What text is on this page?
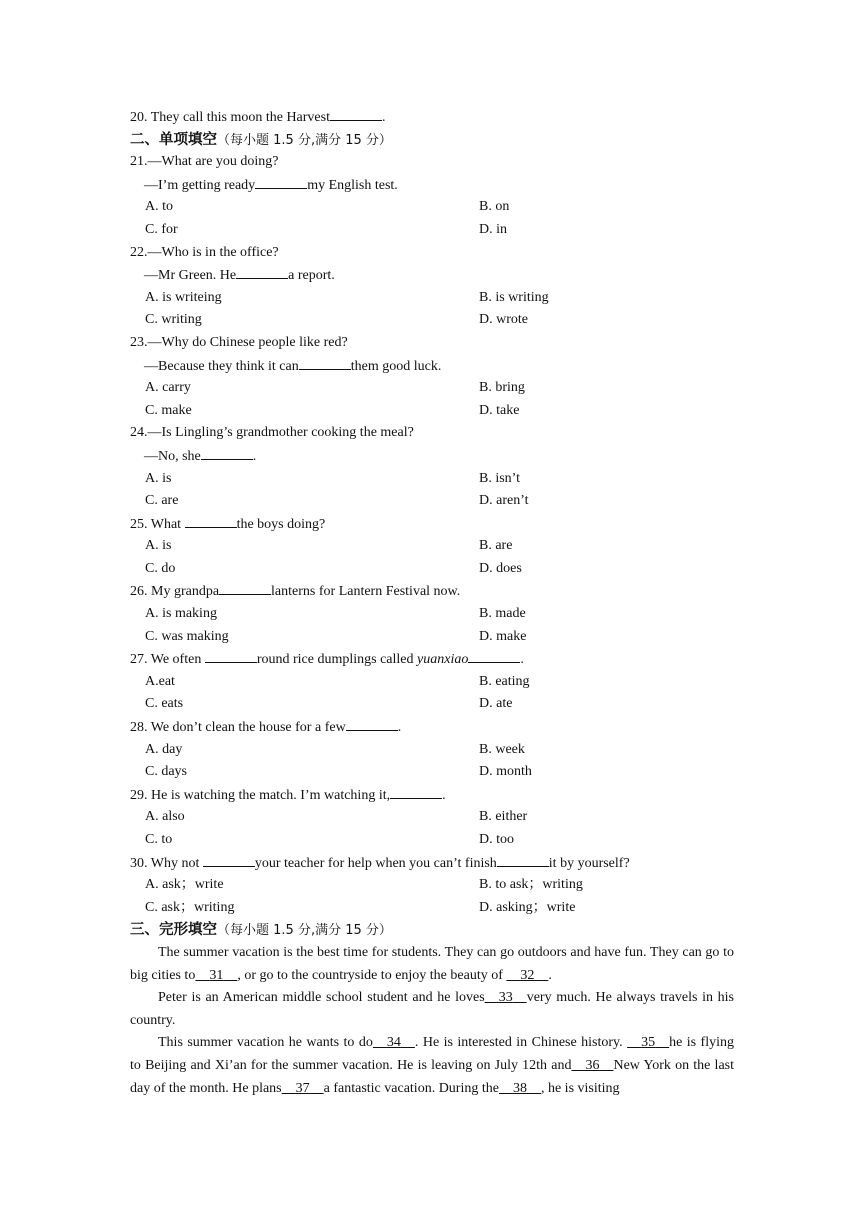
20. They call this moon the Harvest	.
二、单项填空（每小题 1.5 分,满分 15 分）
21.—What are you doing?
—I’m getting ready	my English test.
A. to	B. on
C. for	D. in
22.—Who is in the office?
—Mr Green. He	a report.
A. is writeing	B. is writing
C. writing	D. wrote
23.—Why do Chinese people like red?
—Because they think it can	them good luck.
A. carry	B. bring
C. make	D. take
24.—Is Lingling’s grandmother cooking the meal?
—No, she	.
A. is	B. isn’t
C. are	D. aren’t
25. What	the boys doing?
A. is	B. are
C. do	D. does
26. My grandpa	lanterns for Lantern Festival now.
A. is making	B. made
C. was making	D. make
27. We often	round rice dumplings called yuanxiao	.
A.eat	B. eating
C. eats	D. ate
28. We don’t clean the house for a few	.
A. day	B. week
C. days	D. month
29. He is watching the match. I’m watching it,	.
A. also	B. either
C. to	D. too
30. Why not	your teacher for help when you can’t finish	it by yourself?
A. ask；write	B. to ask；writing
C. ask；writing	D. asking；write
三、完形填空（每小题 1.5 分,满分 15 分）
The summer vacation is the best time for students. They can go outdoors and have fun. They can go to big cities to   31   , or go to the countryside to enjoy the beauty of   32   .
Peter is an American middle school student and he loves   33   very much. He always travels in his country.
This summer vacation he wants to do   34   . He is interested in Chinese history.   35   he is flying to Beijing and Xi’an for the summer vacation. He is leaving on July 12th and   36   New York on the last day of the month. He plans   37   a fantastic vacation. During the   38   , he is visiting
